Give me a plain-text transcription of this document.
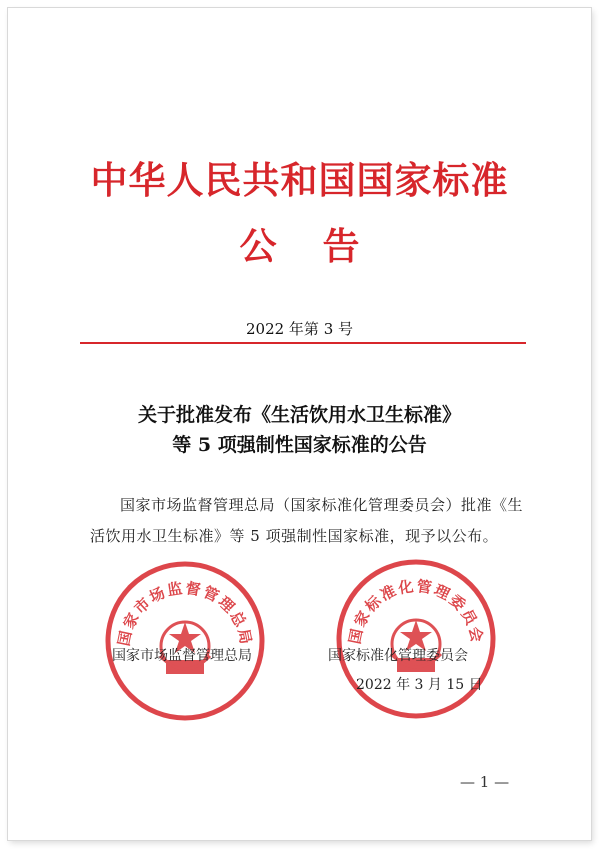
中华人民共和国国家标准
公告
2022 年第 3 号
关于批准发布《生活饮用水卫生标准》
等 5 项强制性国家标准的公告
国家市场监督管理总局（国家标准化管理委员会）批准《生活饮用水卫生标准》等 5 项强制性国家标准，现予以公布。
国家市场监督管理总局	国家标准化管理委员会
国家市场监督管理总局	国家标准化管理委员会
2022 年 3 月 15 日
— 1 —
